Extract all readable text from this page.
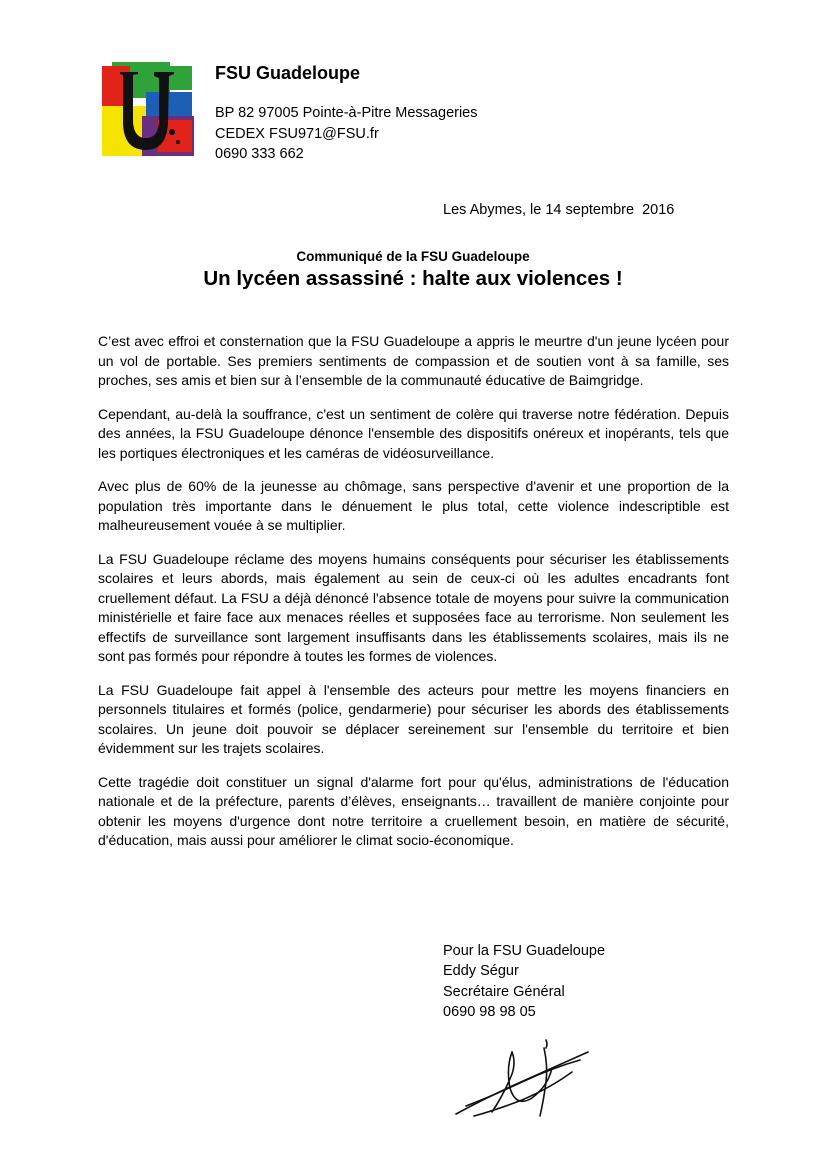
FSU Guadeloupe
BP 82 97005 Pointe-à-Pitre Messageries
CEDEX FSU971@FSU.fr
0690 333 662
Les Abymes, le 14 septembre  2016
Communiqué de la FSU Guadeloupe
Un lycéen assassiné : halte aux violences !

C’est avec effroi et consternation que la FSU Guadeloupe a appris le meurtre d'un jeune lycéen pour un vol de portable. Ses premiers sentiments de compassion et de soutien vont à sa famille, ses proches, ses amis et bien sur à l’ensemble de la communauté éducative de Baimgridge.

Cependant, au-delà la souffrance, c'est un sentiment de colère qui traverse notre fédération. Depuis des années, la FSU Guadeloupe dénonce l'ensemble des dispositifs onéreux et inopérants, tels que les portiques électroniques et les caméras de vidéosurveillance.

Avec plus de 60% de la jeunesse au chômage, sans perspective d'avenir et une proportion de la population très importante dans le dénuement le plus total, cette violence indescriptible est malheureusement vouée à se multiplier.

La FSU Guadeloupe réclame des moyens humains conséquents pour sécuriser les établissements scolaires et leurs abords, mais également au sein de ceux-ci où les adultes encadrants font cruellement défaut. La FSU a déjà dénoncé l'absence totale de moyens pour suivre la communication ministérielle et faire face aux menaces réelles et supposées face au terrorisme. Non seulement les effectifs de surveillance sont largement insuffisants dans les établissements scolaires, mais ils ne sont pas formés pour répondre à toutes les formes de violences.

La FSU Guadeloupe fait appel à l'ensemble des acteurs pour mettre les moyens financiers en personnels titulaires et formés (police, gendarmerie) pour sécuriser les abords des établissements scolaires. Un jeune doit pouvoir se déplacer sereinement sur l'ensemble du territoire et bien évidemment sur les trajets scolaires.

Cette tragédie doit constituer un signal d'alarme fort pour qu'élus, administrations de l'éducation nationale et de la préfecture, parents d’élèves, enseignants… travaillent de manière conjointe pour obtenir les moyens d'urgence dont notre territoire a cruellement besoin, en matière de sécurité, d'éducation, mais aussi pour améliorer le climat socio-économique.

Pour la FSU Guadeloupe
Eddy Ségur
Secrétaire Général
0690 98 98 05
